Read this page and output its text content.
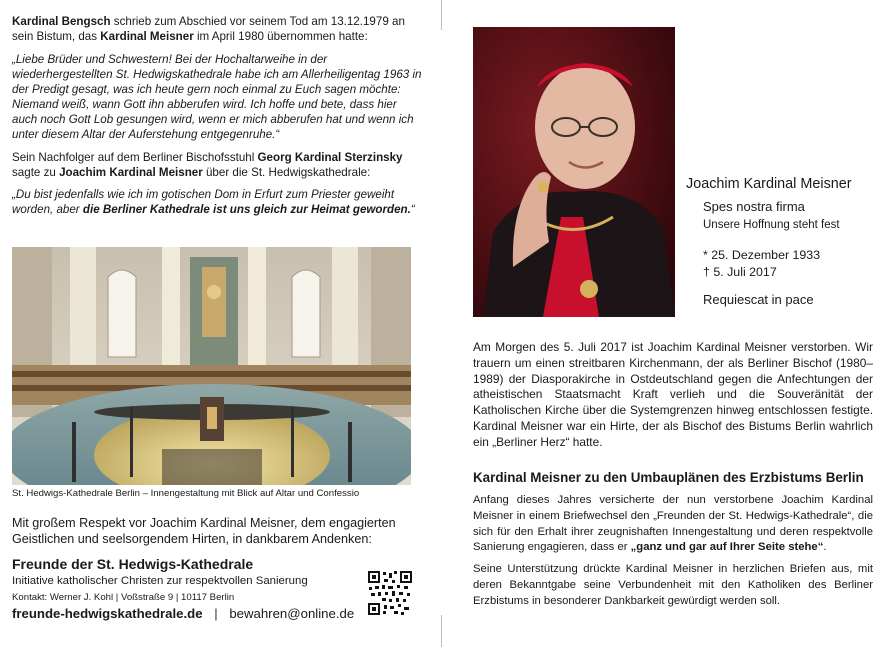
Kardinal Bengsch schrieb zum Abschied vor seinem Tod am 13.12.1979 an sein Bistum, das Kardinal Meisner im April 1980 übernommen hatte:

„Liebe Brüder und Schwestern! Bei der Hochaltarweihe in der wiederhergestellten St. Hedwigskathedrale habe ich am Allerheiligentag 1963 in der Predigt gesagt, was ich heute gern noch einmal zu Euch sagen möchte: Niemand weiß, wann Gott ihn abberufen wird. Ich hoffe und bete, dass hier auch noch Gott Lob gesungen wird, wenn er mich abberufen hat und wenn ich unter diesem Altar der Auferstehung entgegenruhe.“

Sein Nachfolger auf dem Berliner Bischofsstuhl Georg Kardinal Sterzinsky sagte zu Joachim Kardinal Meisner über die St. Hedwigskathedrale:

„Du bist jedenfalls wie ich im gotischen Dom in Erfurt zum Priester geweiht worden, aber die Berliner Kathedrale ist uns gleich zur Heimat geworden.“

St. Hedwigs-Kathedrale Berlin – Innengestaltung mit Blick auf Altar und Confessio
Mit großem Respekt vor Joachim Kardinal Meisner, dem engagierten Geistlichen und seelsorgendem Hirten, in dankbarem Andenken:
Freunde der St. Hedwigs-Kathedrale
Initiative katholischer Christen zur respektvollen Sanierung
Kontakt: Werner J. Kohl | Voßstraße 9 | 10117 Berlin
freunde-hedwigskathedrale.de | bewahren@online.de
Joachim Kardinal Meisner
Spes nostra firma
Unsere Hoffnung steht fest
* 25. Dezember 1933
† 5. Juli 2017
Requiescat in pace

Am Morgen des 5. Juli 2017 ist Joachim Kardinal Meisner verstorben. Wir trauern um einen streitbaren Kirchenmann, der als Berliner Bischof (1980–1989) der Diasporakirche in Ostdeutschland gegen die Anfechtungen der atheistischen Staatsmacht Kraft verlieh und die Souveränität der Katholischen Kirche über die Systemgrenzen hinweg entschlossen festigte. Kardinal Meisner war ein Hirte, der als Bischof des Bistums Berlin wahrlich ein „Berliner Herz“ hatte.

Kardinal Meisner zu den Umbauplänen des Erzbistums Berlin

Anfang dieses Jahres versicherte der nun verstorbene Joachim Kardinal Meisner in einem Briefwechsel den „Freunden der St. Hedwigs-Kathedrale“, die sich für den Erhalt ihrer zeugnishaften Innengestaltung und deren respektvolle Sanierung engagieren, dass er „ganz und gar auf Ihrer Seite stehe“.

Seine Unterstützung drückte Kardinal Meisner in herzlichen Briefen aus, mit deren Bekanntgabe seine Verbundenheit mit den Katholiken des Berliner Erzbistums in besonderer Dankbarkeit gewürdigt werden soll.
